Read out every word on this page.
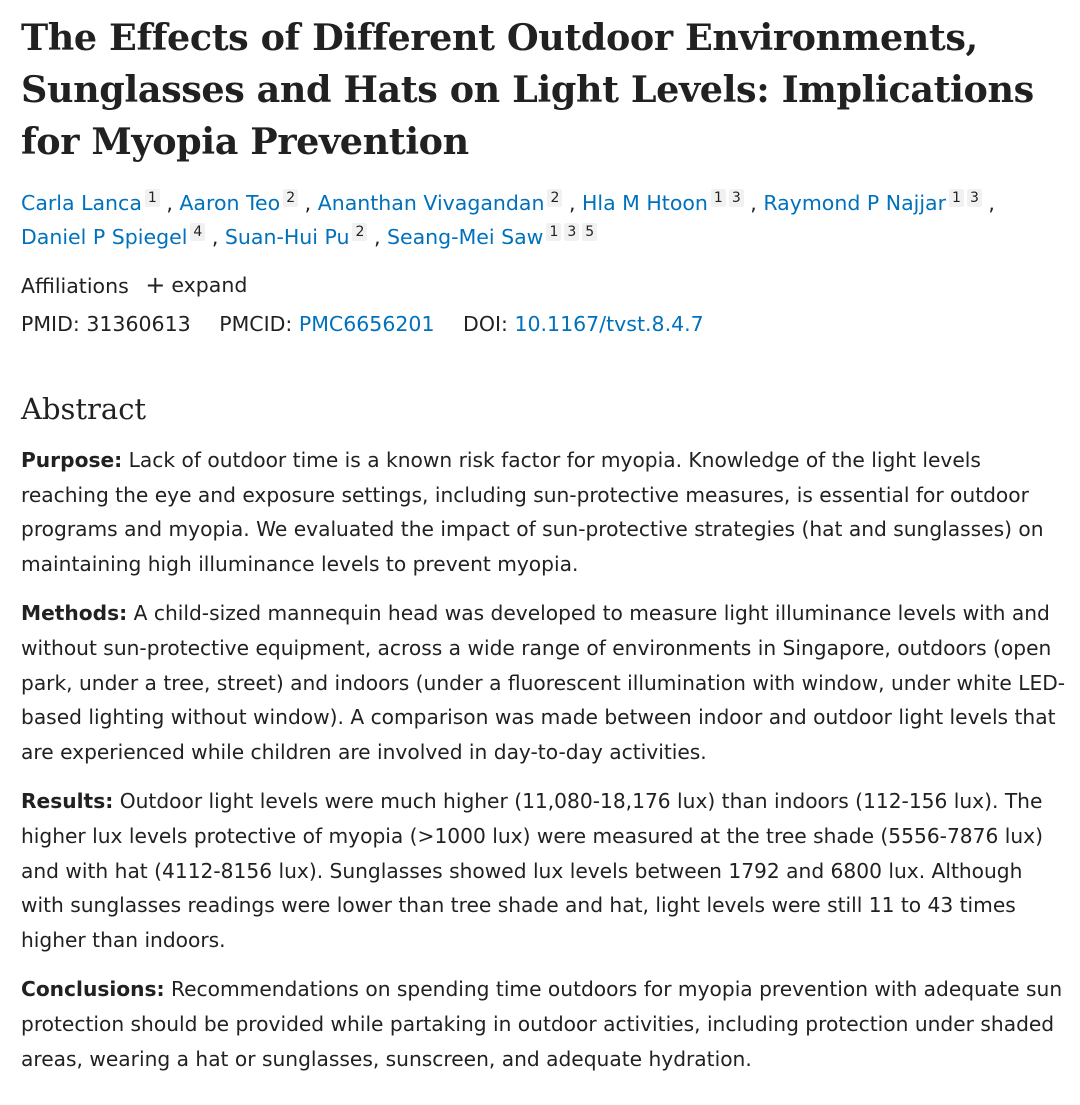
The Effects of Different Outdoor Environments, Sunglasses and Hats on Light Levels: Implications for Myopia Prevention
Carla Lanca 1 , Aaron Teo 2 , Ananthan Vivagandan 2 , Hla M Htoon 1 3 , Raymond P Najjar 1 3 ,
Daniel P Spiegel 4 , Suan-Hui Pu 2 , Seang-Mei Saw 1 3 5
Affiliations + expand
PMID: 31360613 PMCID: PMC6656201 DOI: 10.1167/tvst.8.4.7
Abstract

Purpose: Lack of outdoor time is a known risk factor for myopia. Knowledge of the light levels reaching the eye and exposure settings, including sun-protective measures, is essential for outdoor programs and myopia. We evaluated the impact of sun-protective strategies (hat and sunglasses) on maintaining high illuminance levels to prevent myopia.

Methods: A child-sized mannequin head was developed to measure light illuminance levels with and without sun-protective equipment, across a wide range of environments in Singapore, outdoors (open park, under a tree, street) and indoors (under a fluorescent illumination with window, under white LED-based lighting without window). A comparison was made between indoor and outdoor light levels that are experienced while children are involved in day-to-day activities.

Results: Outdoor light levels were much higher (11,080-18,176 lux) than indoors (112-156 lux). The higher lux levels protective of myopia (>1000 lux) were measured at the tree shade (5556-7876 lux) and with hat (4112-8156 lux). Sunglasses showed lux levels between 1792 and 6800 lux. Although with sunglasses readings were lower than tree shade and hat, light levels were still 11 to 43 times higher than indoors.

Conclusions: Recommendations on spending time outdoors for myopia prevention with adequate sun protection should be provided while partaking in outdoor activities, including protection under shaded areas, wearing a hat or sunglasses, sunscreen, and adequate hydration.
